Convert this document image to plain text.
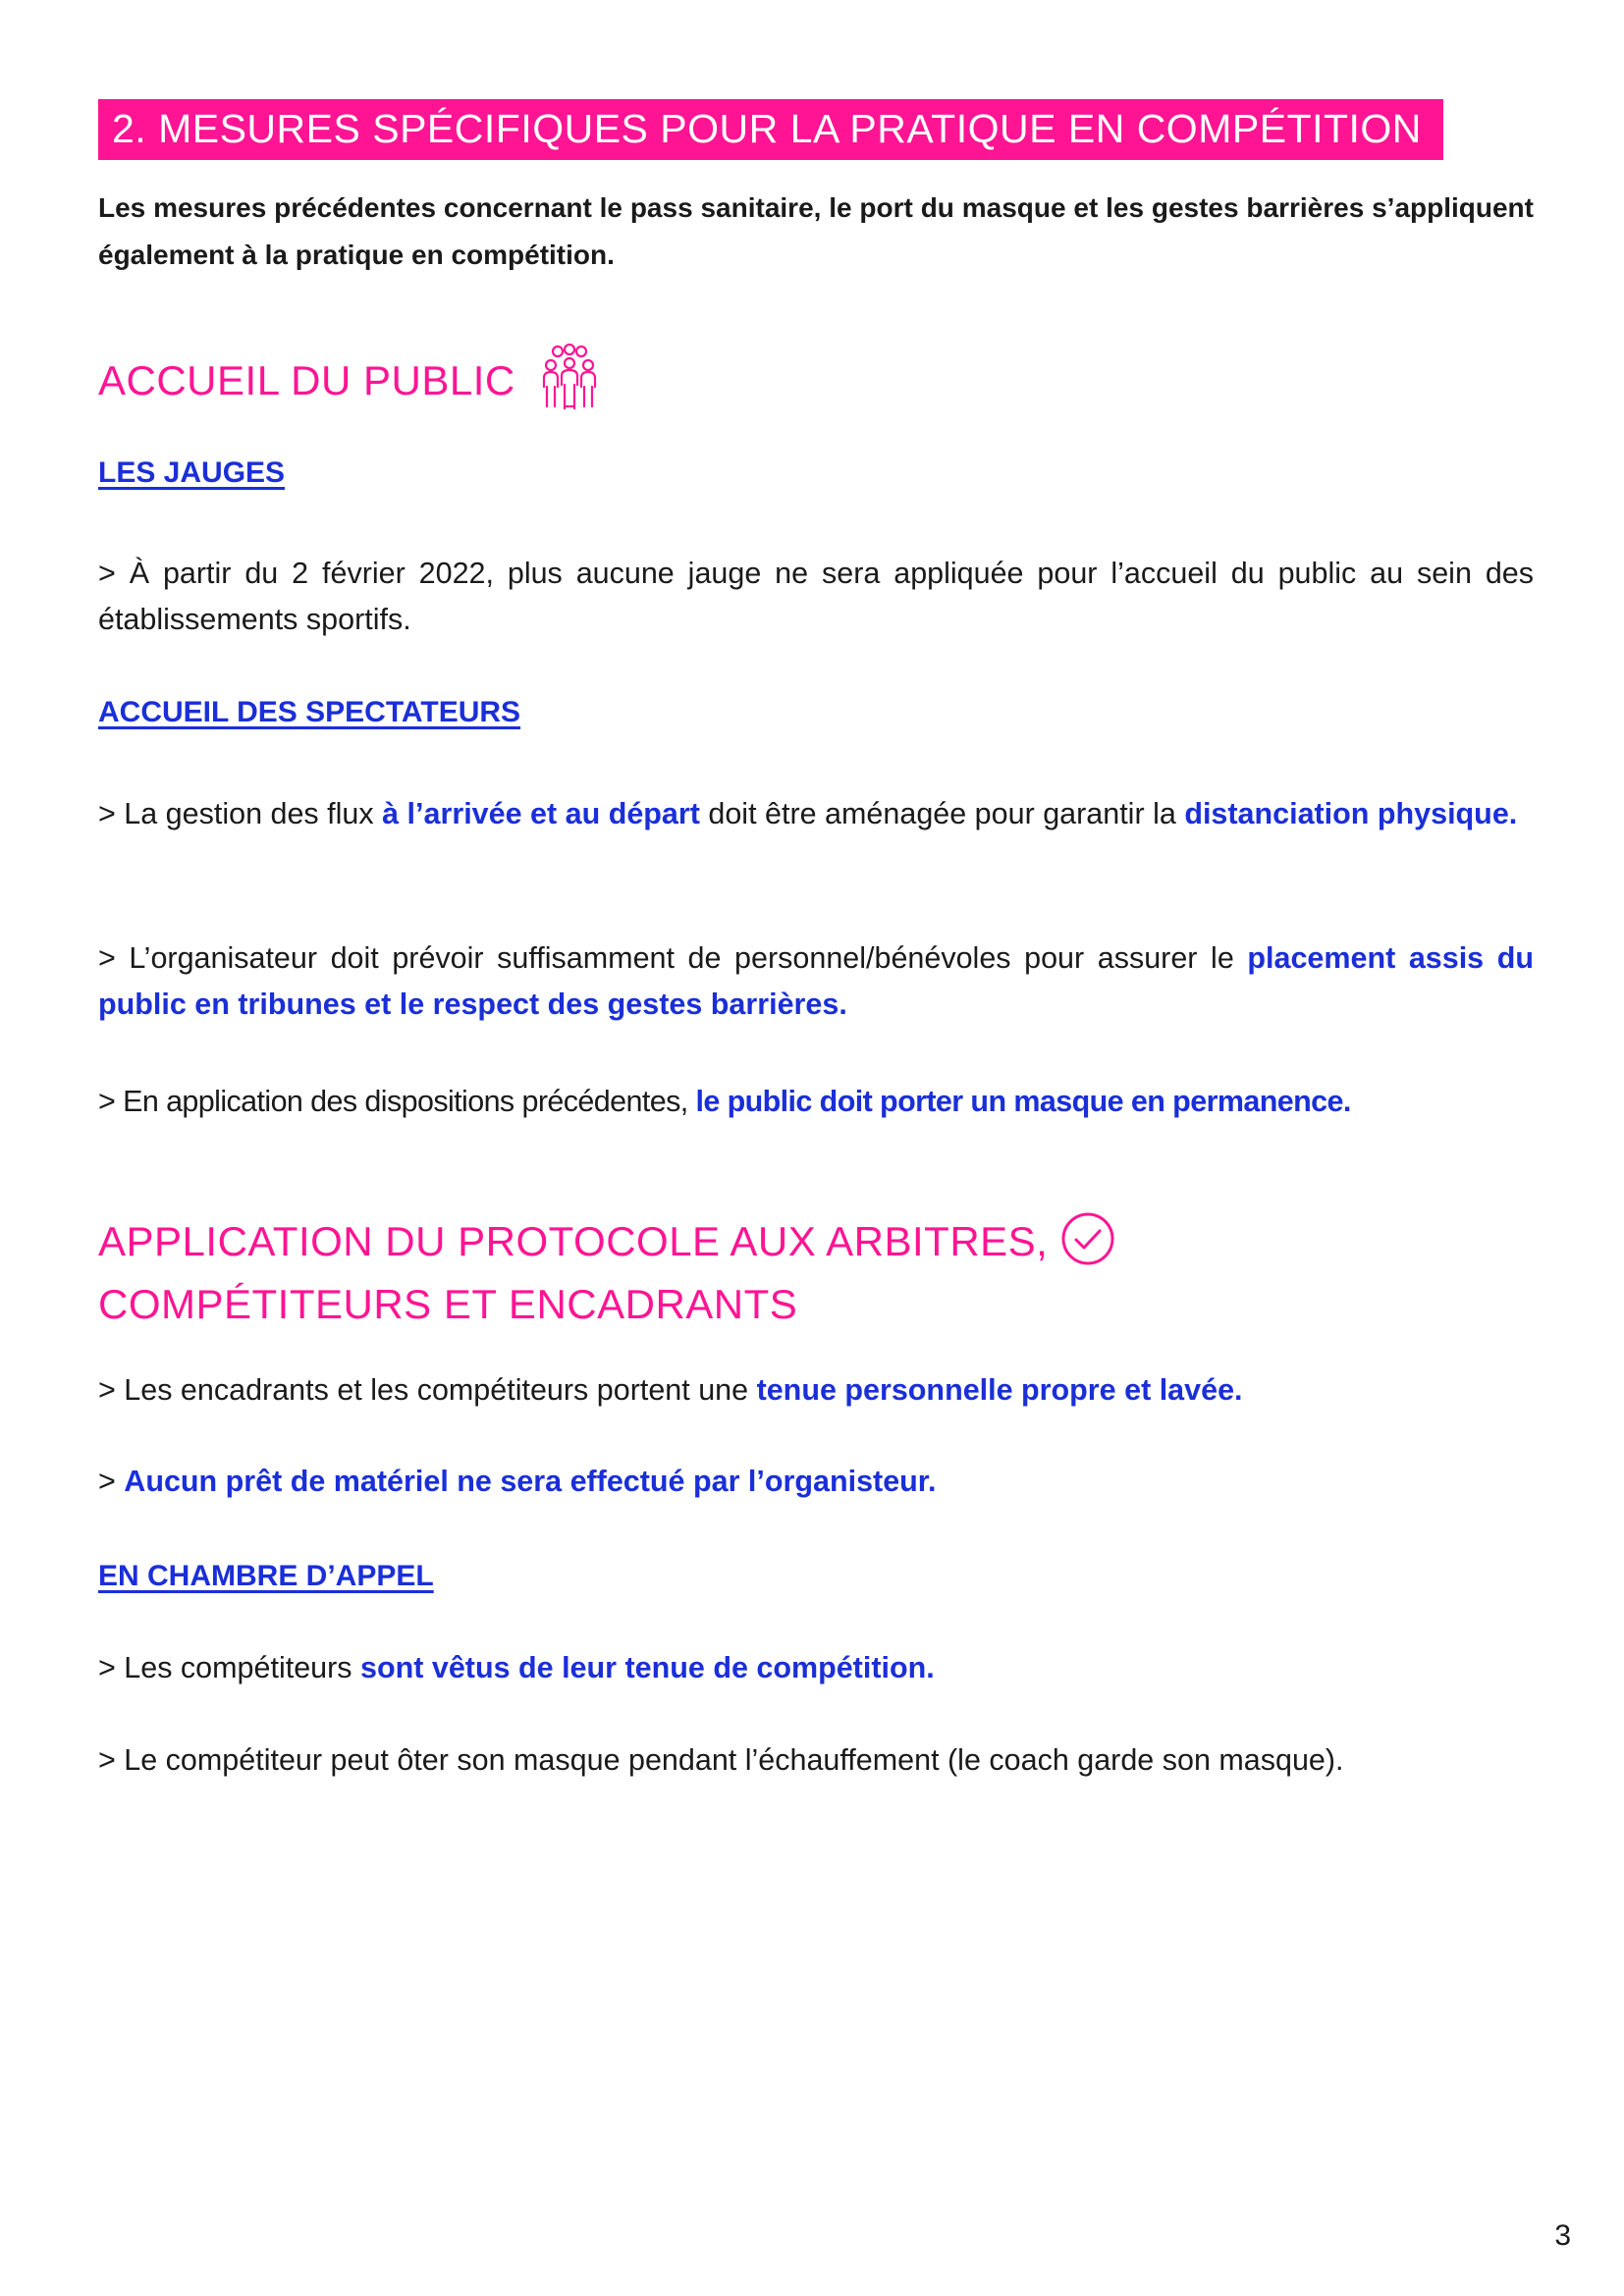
2. MESURES SPÉCIFIQUES POUR LA PRATIQUE EN COMPÉTITION
Les mesures précédentes concernant le pass sanitaire, le port du masque et les gestes barrières s’appliquent également à la pratique en compétition.
ACCUEIL DU PUBLIC
LES JAUGES
> À partir du 2 février 2022, plus aucune jauge ne sera appliquée pour l’accueil du public au sein des établissements sportifs.
ACCUEIL DES SPECTATEURS
> La gestion des flux à l’arrivée et au départ doit être aménagée pour garantir la distanciation physique.
> L’organisateur doit prévoir suffisamment de personnel/bénévoles pour assurer le placement assis du public en tribunes et le respect des gestes barrières.
> En application des dispositions précédentes, le public doit porter un masque en permanence.
APPLICATION DU PROTOCOLE AUX ARBITRES,
COMPÉTITEURS ET ENCADRANTS
> Les encadrants et les compétiteurs portent une tenue personnelle propre et lavée.
> Aucun prêt de matériel ne sera effectué par l’organisteur.
EN CHAMBRE D’APPEL
> Les compétiteurs sont vêtus de leur tenue de compétition.
> Le compétiteur peut ôter son masque pendant l’échauffement (le coach garde son masque).
3
